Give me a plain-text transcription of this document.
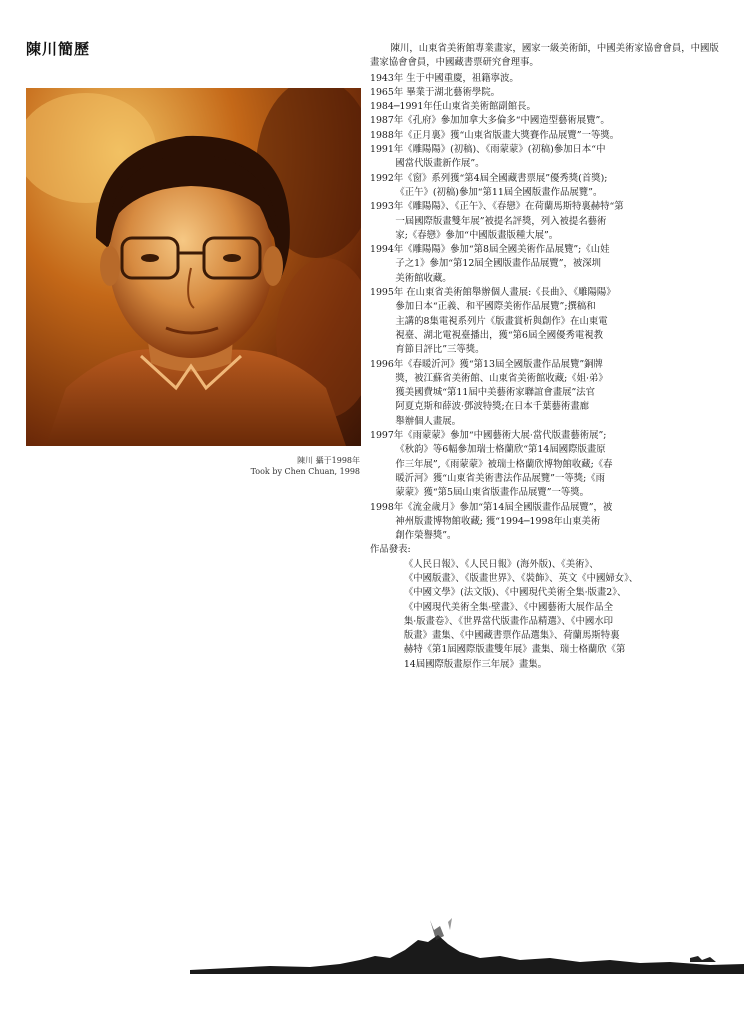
陳川簡歷
陳川 攝于1998年
Took by Chen Chuan, 1998

陳川，山東省美術館專業畫家，國家一級美術師，中國美術家協會會員，中國版畫家協會會員，中國藏書票研究會理事。

1943年 生于中國重慶，祖籍寧波。
1965年 畢業于湖北藝術學院。
1984─1991年任山東省美術館副館長。
1987年《孔府》參加加拿大多倫多“中國造型藝術展覽”。
1988年《正月裏》獲“山東省版畫大獎賽作品展覽”一等獎。
1991年《雕陽陽》(初稿)、《雨蒙蒙》(初稿)參加日本“中
國當代版畫新作展”。
1992年《窗》系列獲“第4屆全國藏書票展”優秀獎(首獎);
《正午》(初稿)參加“第11屆全國版畫作品展覽”。
1993年《雕陽陽》、《正午》、《春戀》在荷蘭馬斯特裏赫特“第
一屆國際版畫雙年展”被提名評獎，列入被提名藝術
家;《春戀》參加“中國版畫版種大展”。
1994年《雕陽陽》參加“第8屆全國美術作品展覽”;《山娃
子之1》參加“第12屆全國版畫作品展覽”，被深圳
美術館收藏。
1995年 在山東省美術館舉辦個人畫展:《長曲》、《雕陽陽》
參加日本“正義、和平國際美術作品展覽”;撰稿和
主講的8集電視系列片《版畫賞析與創作》在山東電
視臺、湖北電視臺播出，獲“第6屆全國優秀電視教
育節目評比”三等獎。
1996年《春暖沂河》獲“第13屆全國版畫作品展覽”銅牌
獎，被江蘇省美術館、山東省美術館收藏;《姐·弟》
獲美國費城“第11屆中美藝術家聯誼會畫展”法官
阿夏克斯和薛波·鄧波特獎;在日本千葉藝術畫廊
舉辦個人畫展。
1997年《雨蒙蒙》參加“中國藝術大展·當代版畫藝術展”;
《秋韵》等6幅參加瑞士格蘭欣“第14屆國際版畫原
作三年展”,《雨蒙蒙》被瑞士格蘭欣博物館收藏;《春
暖沂河》獲“山東省美術書法作品展覽”一等獎;《雨
蒙蒙》獲“第5屆山東省版畫作品展覽”一等獎。
1998年《流金歲月》參加“第14屆全國版畫作品展覽”，被
神州版畫博物館收藏; 獲“1994─1998年山東美術
創作榮譽獎”。
作品發表:
《人民日報》、《人民日報》(海外版)、《美術》、
《中國版畫》、《版畫世界》、《裝飾》、英文《中國婦女》、
《中國文學》(法文版)、《中國現代美術全集·版畫2》、
《中國現代美術全集·壁畫》、《中國藝術大展作品全
集·版畫卷》、《世界當代版畫作品精選》、《中國水印
版畫》畫集、《中國藏書票作品選集》、荷蘭馬斯特裏
赫特《第1屆國際版畫雙年展》畫集、瑞士格蘭欣《第
14屆國際版畫原作三年展》畫集。
